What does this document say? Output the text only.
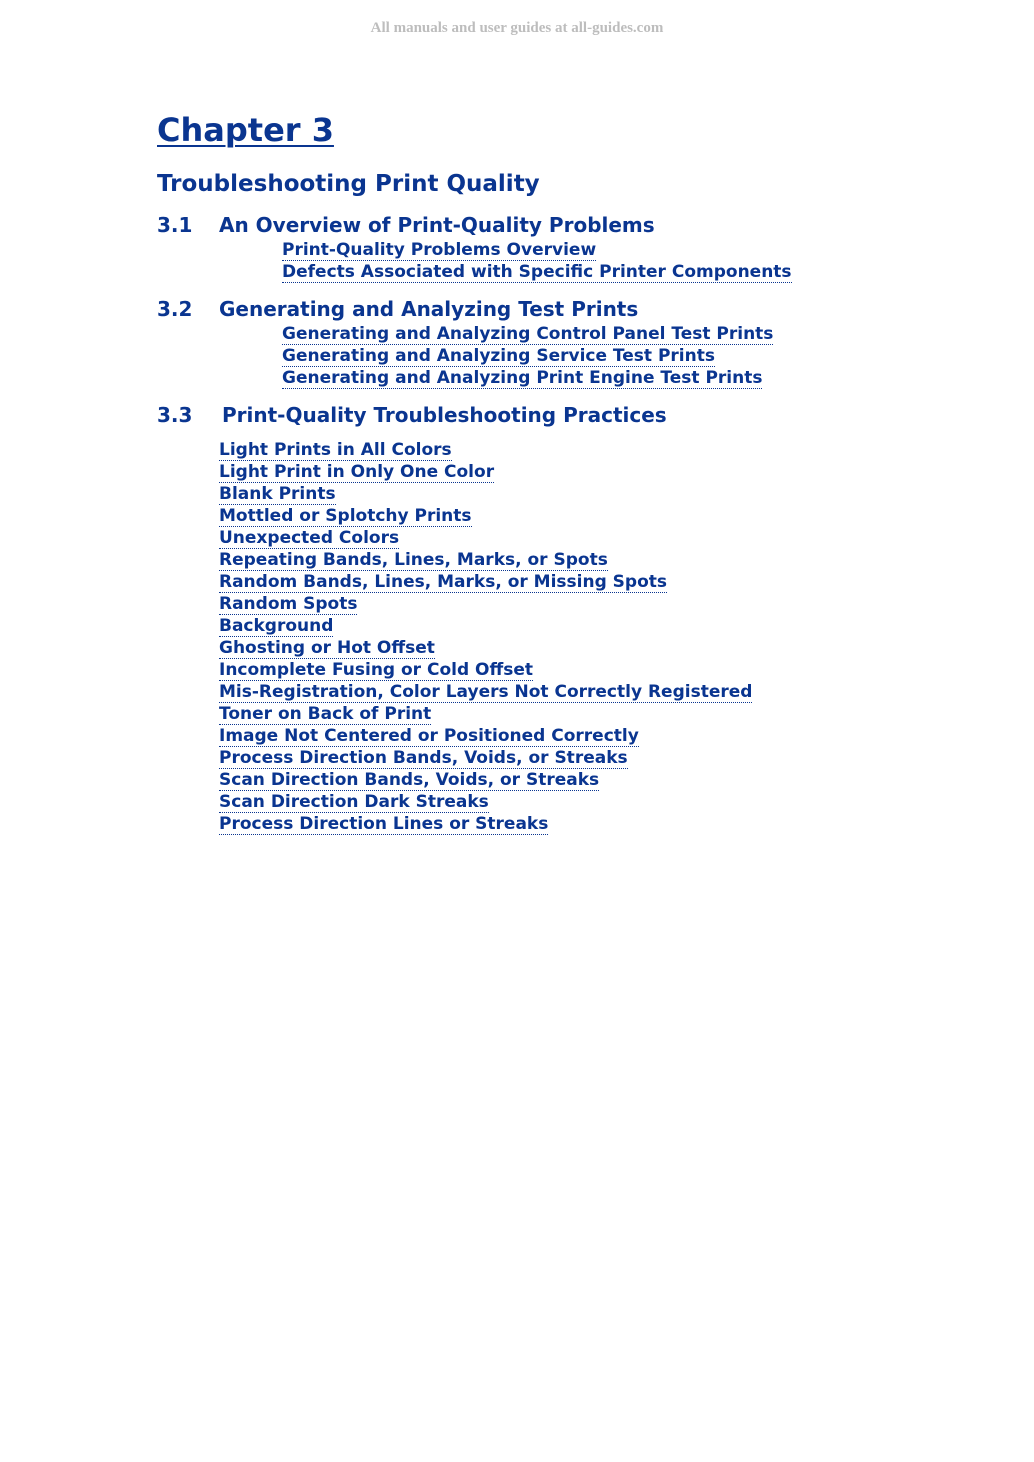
All manuals and user guides at all-guides.com
Chapter 3
Troubleshooting Print Quality
3.1 An Overview of Print-Quality Problems
Print-Quality Problems Overview
Defects Associated with Specific Printer Components
3.2 Generating and Analyzing Test Prints
Generating and Analyzing Control Panel Test Prints
Generating and Analyzing Service Test Prints
Generating and Analyzing Print Engine Test Prints
3.3 Print-Quality Troubleshooting Practices
Light Prints in All Colors
Light Print in Only One Color
Blank Prints
Mottled or Splotchy Prints
Unexpected Colors
Repeating Bands, Lines, Marks, or Spots
Random Bands, Lines, Marks, or Missing Spots
Random Spots
Background
Ghosting or Hot Offset
Incomplete Fusing or Cold Offset
Mis-Registration, Color Layers Not Correctly Registered
Toner on Back of Print
Image Not Centered or Positioned Correctly
Process Direction Bands, Voids, or Streaks
Scan Direction Bands, Voids, or Streaks
Scan Direction Dark Streaks
Process Direction Lines or Streaks
